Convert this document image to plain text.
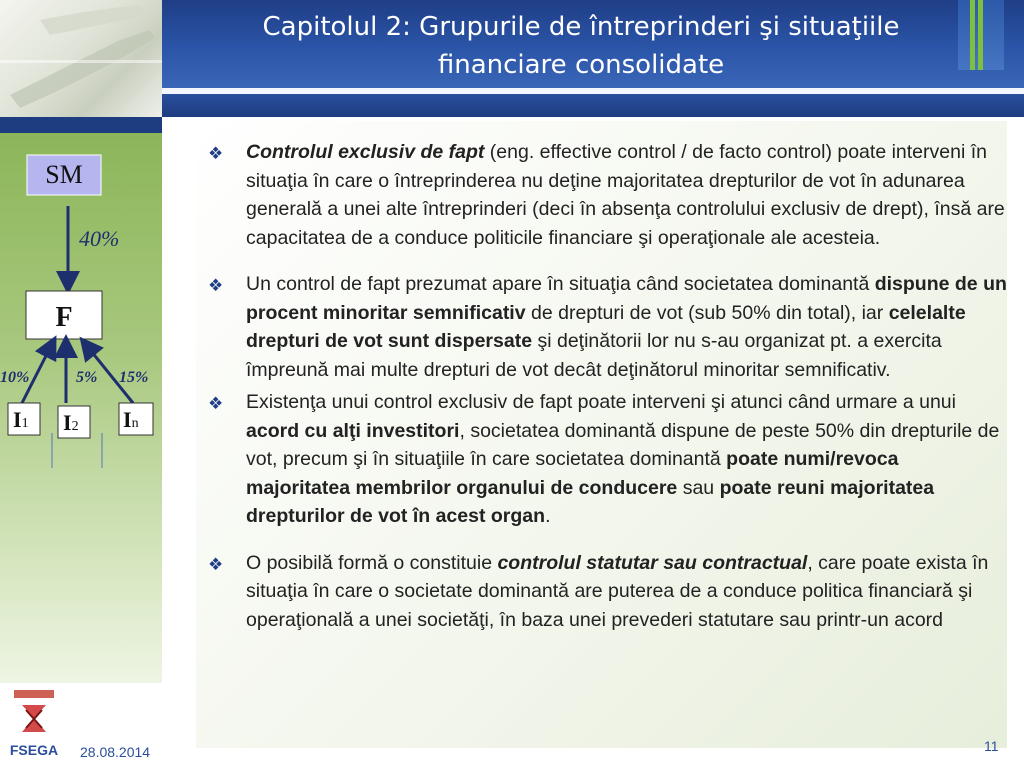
Capitolul 2: Grupurile de întreprinderi şi situaţiile
financiare consolidate
SM
40%
F
10%	5% 15%
I1 I2 In
❖ Controlul exclusiv de fapt (eng. effective control / de facto control) poate interveni în situaţia în care o întreprinderea nu deţine majoritatea drepturilor de vot în adunarea generală a unei alte întreprinderi (deci în absenţa controlului exclusiv de drept), însă are capacitatea de a conduce politicile financiare şi operaţionale ale acesteia.
❖ Un control de fapt prezumat apare în situaţia când societatea dominantă dispune de un procent minoritar semnificativ de drepturi de vot (sub 50% din total), iar celelalte drepturi de vot sunt dispersate şi deţinătorii lor nu s-au organizat pt. a exercita împreună mai multe drepturi de vot decât deţinătorul minoritar semnificativ.
❖ Existenţa unui control exclusiv de fapt poate interveni şi atunci când urmare a unui acord cu alţi investitori, societatea dominantă dispune de peste 50% din drepturile de vot, precum şi în situaţiile în care societatea dominantă poate numi/revoca majoritatea membrilor organului de conducere sau poate reuni majoritatea drepturilor de vot în acest organ.
❖ O posibilă formă o constituie controlul statutar sau contractual, care poate exista în situaţia în care o societate dominantă are puterea de a conduce politica financiară şi operaţională a unei societăţi, în baza unei prevederi statutare sau printr-un acord
FSEGA 28.08.2014	11
